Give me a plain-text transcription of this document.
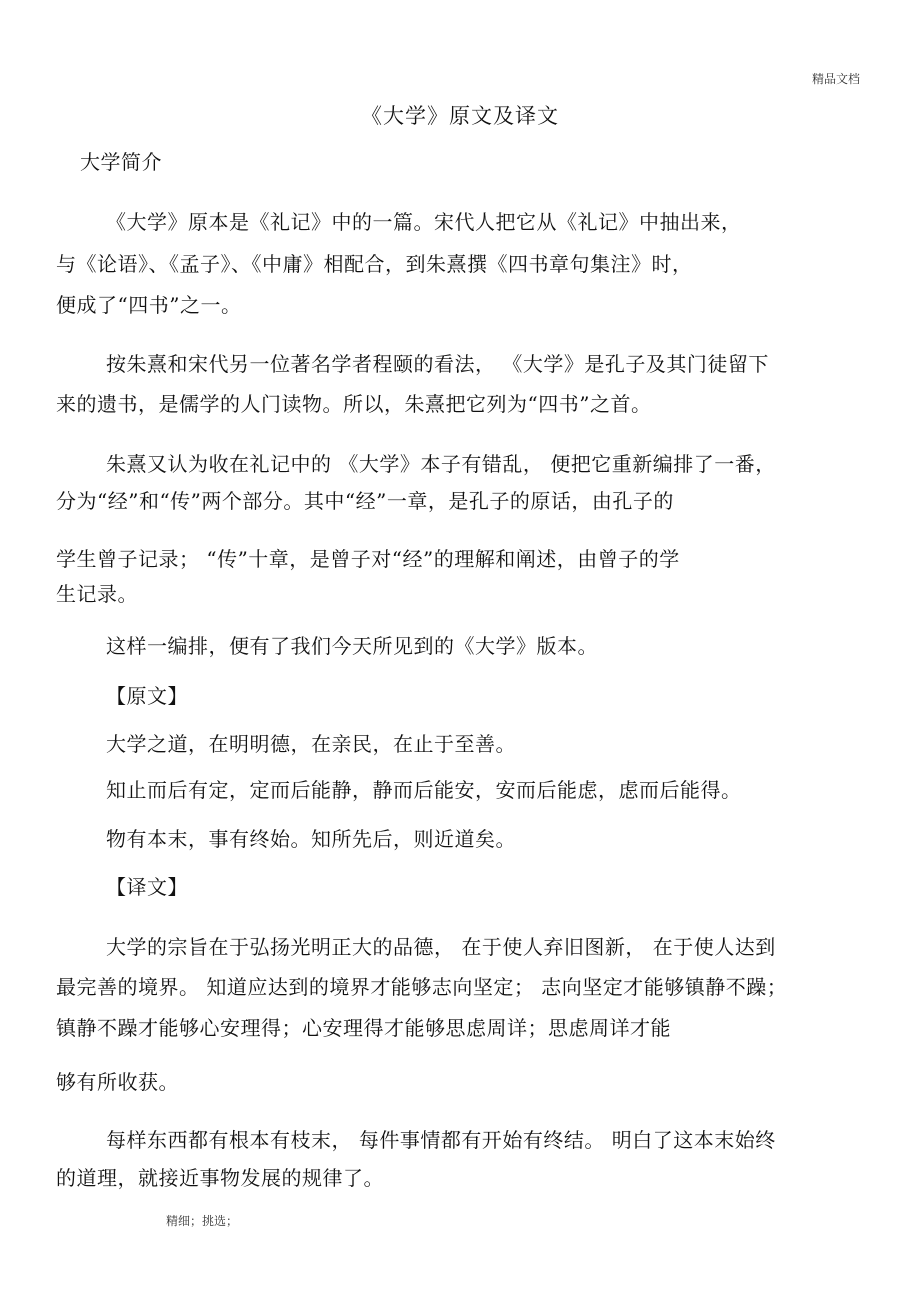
精品文档
《大学》原文及译文
大学简介
《大学》原本是《礼记》中的一篇。宋代人把它从《礼记》中抽出来，
与《论语》、《孟子》、《中庸》相配合，到朱熹撰《四书章句集注》时，
便成了“四书”之一。
按朱熹和宋代另一位著名学者程颐的看法， 《大学》是孔子及其门徒留下
来的遗书，是儒学的人门读物。所以，朱熹把它列为“四书”之首。
朱熹又认为收在礼记中的 《大学》本子有错乱， 便把它重新编排了一番，
分为“经”和“传”两个部分。其中“经”一章，是孔子的原话，由孔子的
学生曾子记录； “传”十章，是曾子对“经”的理解和阐述，由曾子的学
生记录。
这样一编排，便有了我们今天所见到的《大学》版本。
【原文】
大学之道，在明明德，在亲民，在止于至善。
知止而后有定，定而后能静，静而后能安，安而后能虑，虑而后能得。
物有本末，事有终始。知所先后，则近道矣。
【译文】
大学的宗旨在于弘扬光明正大的品德， 在于使人弃旧图新， 在于使人达到
最完善的境界。 知道应达到的境界才能够志向坚定； 志向坚定才能够镇静不躁；
镇静不躁才能够心安理得；心安理得才能够思虑周详；思虑周详才能
够有所收获。
每样东西都有根本有枝末， 每件事情都有开始有终结。 明白了这本末始终
的道理，就接近事物发展的规律了。
精细；挑选；
